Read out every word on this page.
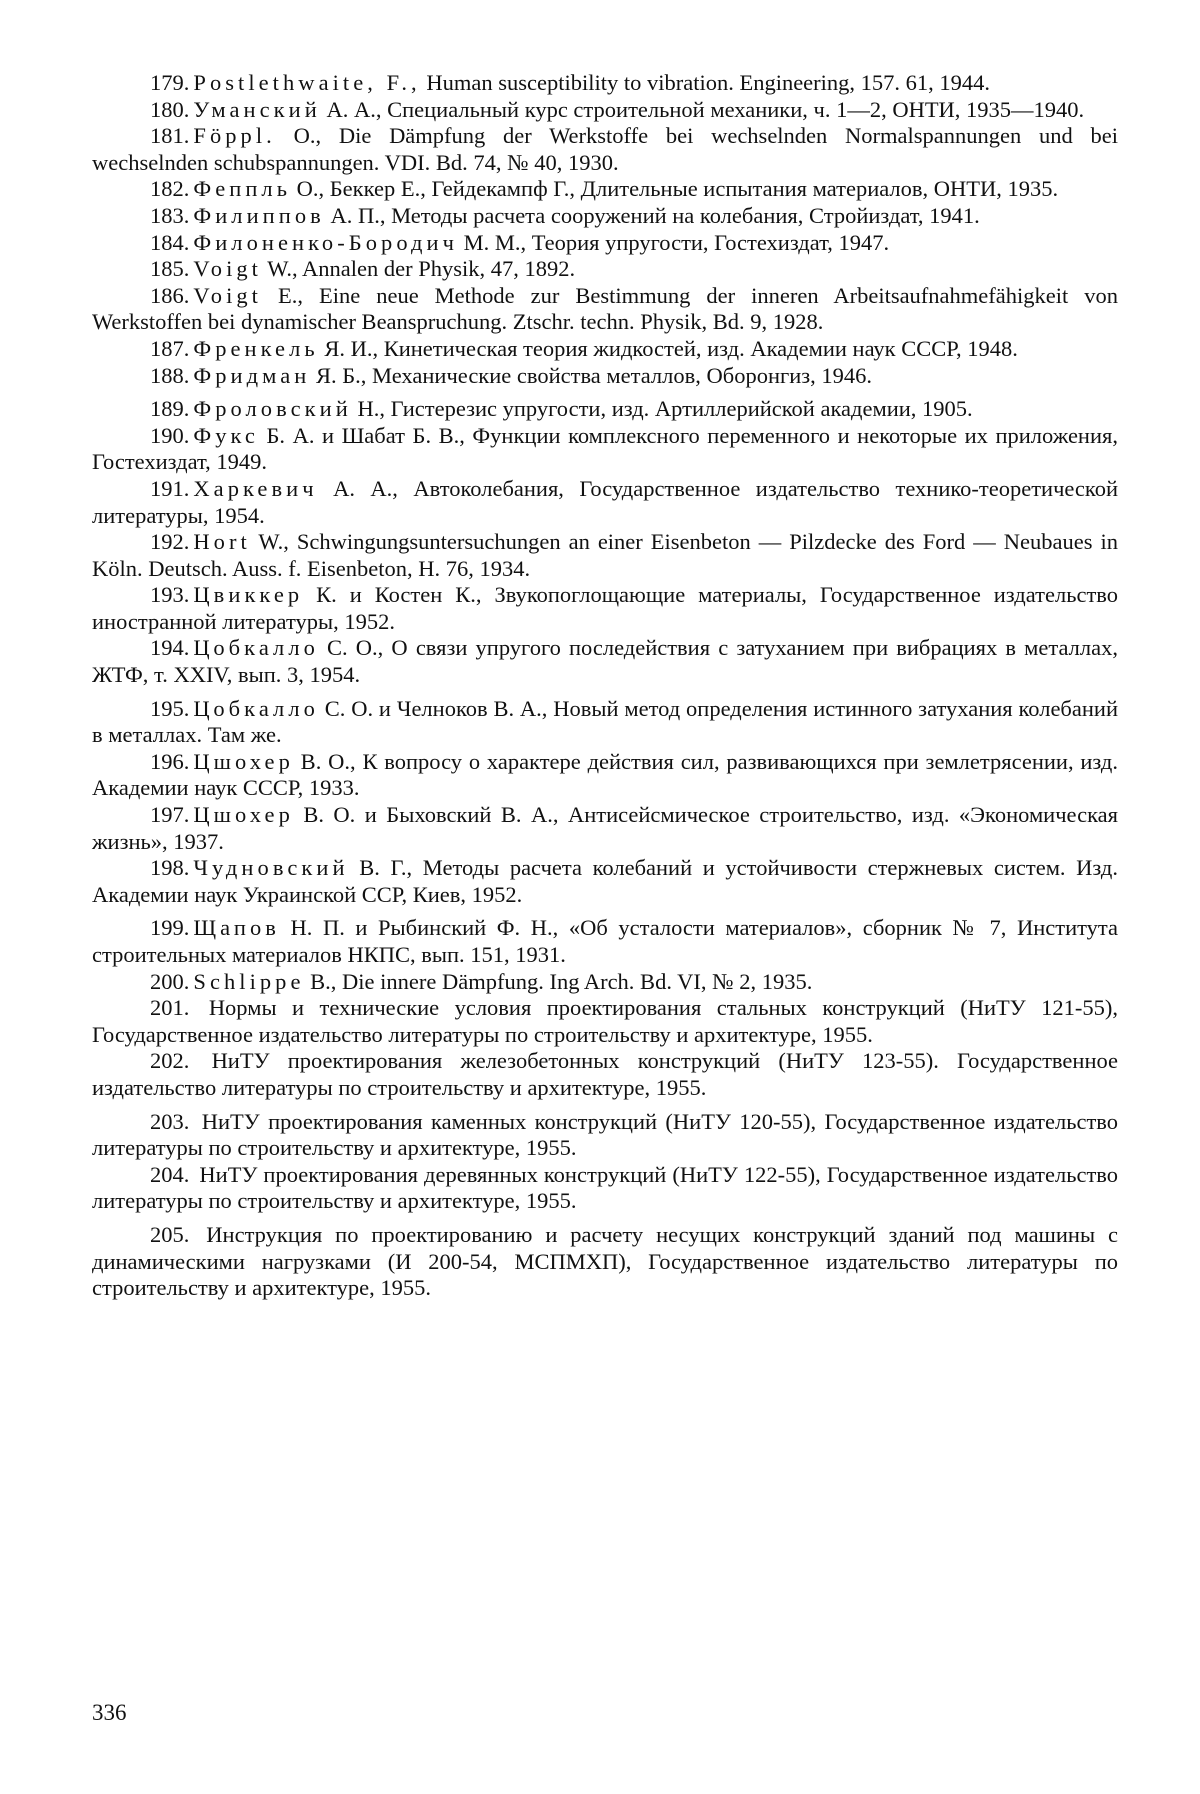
179. Postlethwaite, F., Human susceptibility to vibration. Engineering, 157. 61, 1944.
180. Уманский А. А., Специальный курс строительной механики, ч. 1—2, ОНТИ, 1935—1940.
181. Föppl. O., Die Dämpfung der Werkstoffe bei wechselnden Normalspannungen und bei wechselnden schubspannungen. VDI. Bd. 74, № 40, 1930.
182. Феппль О., Беккер Е., Гейдекампф Г., Длительные испытания материалов, ОНТИ, 1935.
183. Филиппов А. П., Методы расчета сооружений на колебания, Стройиздат, 1941.
184. Филоненко-Бородич М. М., Теория упругости, Гостехиздат, 1947.
185. Voigt W., Annalen der Physik, 47, 1892.
186. Voigt E., Eine neue Methode zur Bestimmung der inneren Arbeitsaufnahmefähigkeit von Werkstoffen bei dynamischer Beanspruchung. Ztschr. techn. Physik, Bd. 9, 1928.
187. Френкель Я. И., Кинетическая теория жидкостей, изд. Академии наук СССР, 1948.
188. Фридман Я. Б., Механические свойства металлов, Оборонгиз, 1946.
189. Фроловский Н., Гистерезис упругости, изд. Артиллерийской академии, 1905.
190. Фукс Б. А. и Шабат Б. В., Функции комплексного переменного и некоторые их приложения, Гостехиздат, 1949.
191. Харкевич А. А., Автоколебания, Государственное издательство технико-теоретической литературы, 1954.
192. Hort W., Schwingungsuntersuchungen an einer Eisenbeton — Pilzdecke des Ford — Neubaues in Köln. Deutsch. Auss. f. Eisenbeton, H. 76, 1934.
193. Цвиккер К. и Костен К., Звукопоглощающие материалы, Государственное издательство иностранной литературы, 1952.
194. Цобкалло С. О., О связи упругого последействия с затуханием при вибрациях в металлах, ЖТФ, т. XXIV, вып. 3, 1954.
195. Цобкалло С. О. и Челноков В. А., Новый метод определения истинного затухания колебаний в металлах. Там же.
196. Цшохер В. О., К вопросу о характере действия сил, развивающихся при землетрясении, изд. Академии наук СССР, 1933.
197. Цшохер В. О. и Быховский В. А., Антисейсмическое строительство, изд. «Экономическая жизнь», 1937.
198. Чудновский В. Г., Методы расчета колебаний и устойчивости стержневых систем. Изд. Академии наук Украинской ССР, Киев, 1952.
199. Щапов Н. П. и Рыбинский Ф. Н., «Об усталости материалов», сборник № 7, Института строительных материалов НКПС, вып. 151, 1931.
200. Schlippe B., Die innere Dämpfung. Ing Arch. Bd. VI, № 2, 1935.
201. Нормы и технические условия проектирования стальных конструкций (НиТУ 121-55), Государственное издательство литературы по строительству и архитектуре, 1955.
202. НиТУ проектирования железобетонных конструкций (НиТУ 123-55). Государственное издательство литературы по строительству и архитектуре, 1955.
203. НиТУ проектирования каменных конструкций (НиТУ 120-55), Государственное издательство литературы по строительству и архитектуре, 1955.
204. НиТУ проектирования деревянных конструкций (НиТУ 122-55), Государственное издательство литературы по строительству и архитектуре, 1955.
205. Инструкция по проектированию и расчету несущих конструкций зданий под машины с динамическими нагрузками (И 200-54, МСПМХП), Государственное издательство литературы по строительству и архитектуре, 1955.
336
